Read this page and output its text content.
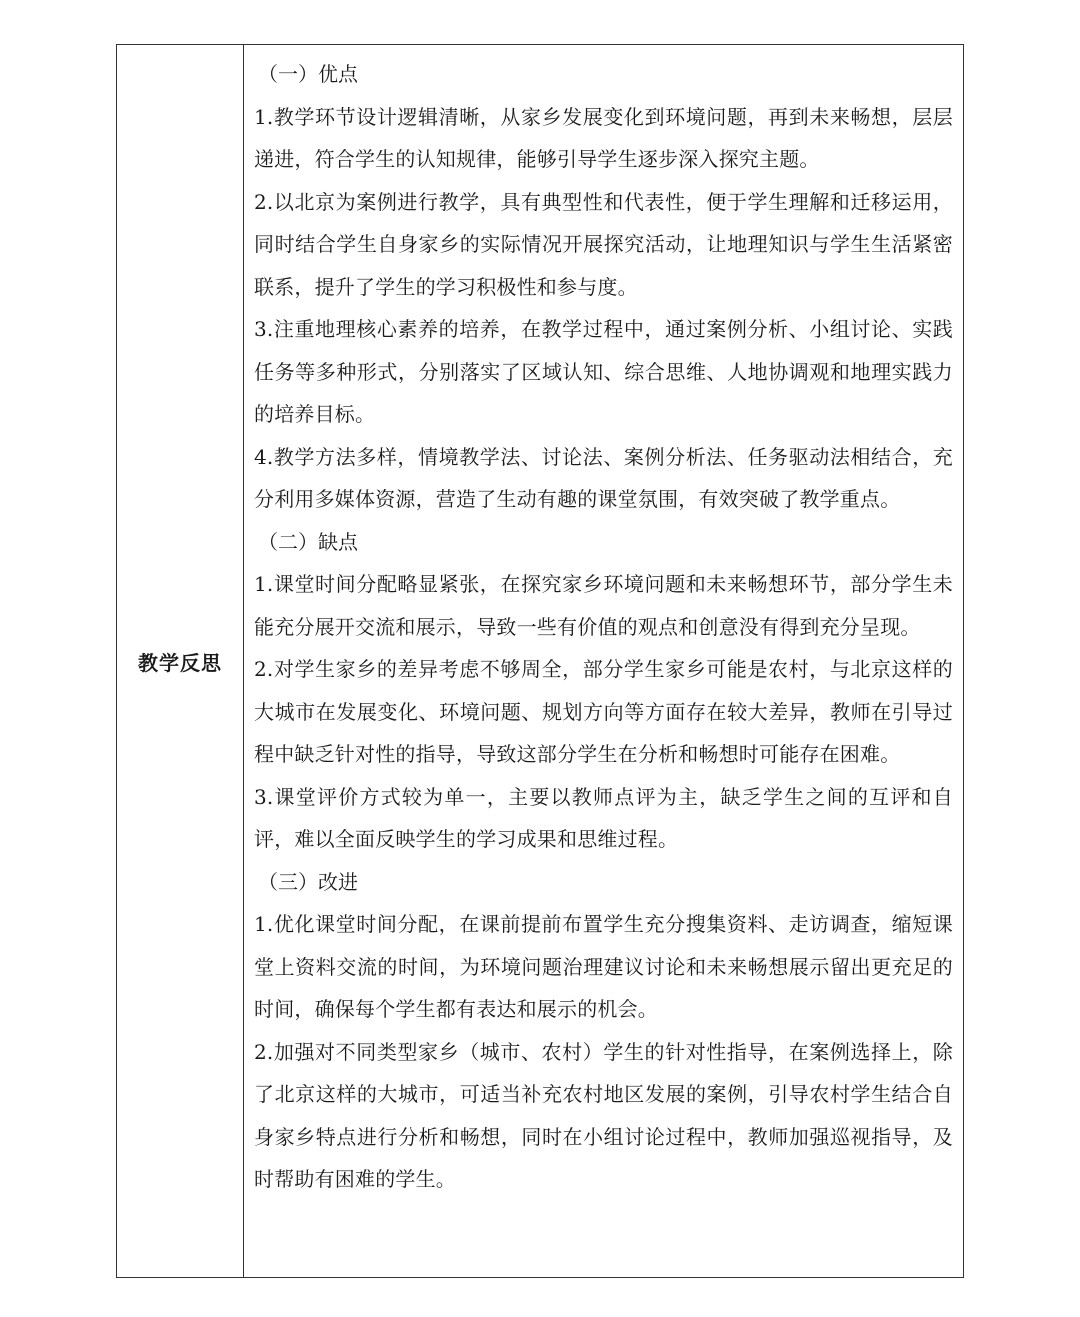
教学反思

（一）优点

1.教学环节设计逻辑清晰，从家乡发展变化到环境问题，再到未来畅想，层层递进，符合学生的认知规律，能够引导学生逐步深入探究主题。

2.以北京为案例进行教学，具有典型性和代表性，便于学生理解和迁移运用，同时结合学生自身家乡的实际情况开展探究活动，让地理知识与学生生活紧密联系，提升了学生的学习积极性和参与度。

3.注重地理核心素养的培养，在教学过程中，通过案例分析、小组讨论、实践任务等多种形式，分别落实了区域认知、综合思维、人地协调观和地理实践力的培养目标。

4.教学方法多样，情境教学法、讨论法、案例分析法、任务驱动法相结合，充分利用多媒体资源，营造了生动有趣的课堂氛围，有效突破了教学重点。

（二）缺点

1.课堂时间分配略显紧张，在探究家乡环境问题和未来畅想环节，部分学生未能充分展开交流和展示，导致一些有价值的观点和创意没有得到充分呈现。

2.对学生家乡的差异考虑不够周全，部分学生家乡可能是农村，与北京这样的大城市在发展变化、环境问题、规划方向等方面存在较大差异，教师在引导过程中缺乏针对性的指导，导致这部分学生在分析和畅想时可能存在困难。

3.课堂评价方式较为单一，主要以教师点评为主，缺乏学生之间的互评和自评，难以全面反映学生的学习成果和思维过程。

（三）改进

1.优化课堂时间分配，在课前提前布置学生充分搜集资料、走访调查，缩短课堂上资料交流的时间，为环境问题治理建议讨论和未来畅想展示留出更充足的时间，确保每个学生都有表达和展示的机会。

2.加强对不同类型家乡（城市、农村）学生的针对性指导，在案例选择上，除了北京这样的大城市，可适当补充农村地区发展的案例，引导农村学生结合自身家乡特点进行分析和畅想，同时在小组讨论过程中，教师加强巡视指导，及时帮助有困难的学生。
